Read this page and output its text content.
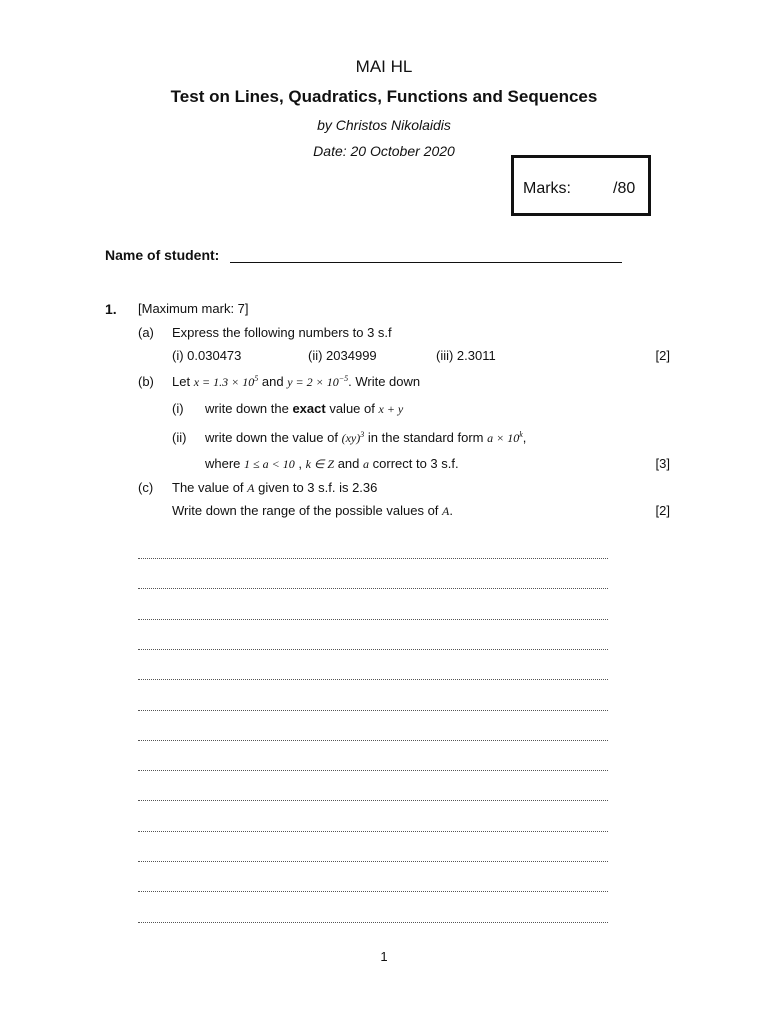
MAI HL
Test on Lines, Quadratics, Functions and Sequences
by Christos Nikolaidis
Date: 20 October 2020
Marks:	/80
Name of student:
1. [Maximum mark: 7]
(a) Express the following numbers to 3 s.f
(i) 0.030473	(ii) 2034999	(iii) 2.3011	[2]
(b) Let $x = 1.3 \times 10^5$ and $y = 2 \times 10^{-5}$. Write down
(i) write down the exact value of x + y
(ii) write down the value of (xy)$^3$ in the standard form $a \times 10^k$,
where 1 ≤ a < 10 , k ∈ Z and a correct to 3 s.f.	[3]
(c) The value of A given to 3 s.f. is 2.36
Write down the range of the possible values of A.	[2]
1
